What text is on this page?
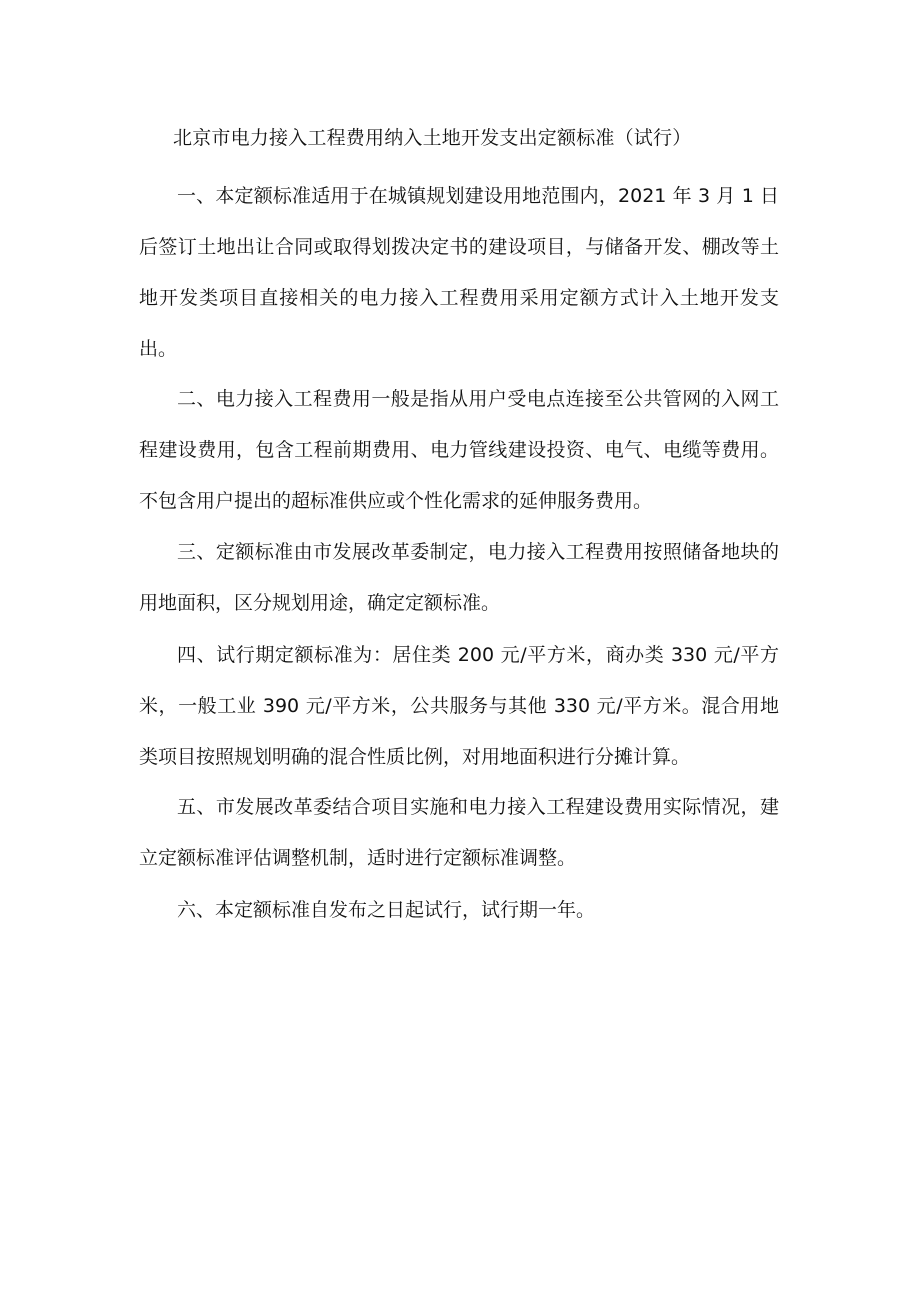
北京市电力接入工程费用纳入土地开发支出定额标准（试行）

一、本定额标准适用于在城镇规划建设用地范围内，2021 年 3 月 1 日后签订土地出让合同或取得划拨决定书的建设项目，与储备开发、棚改等土地开发类项目直接相关的电力接入工程费用采用定额方式计入土地开发支出。

二、电力接入工程费用一般是指从用户受电点连接至公共管网的入网工程建设费用，包含工程前期费用、电力管线建设投资、电气、电缆等费用。不包含用户提出的超标准供应或个性化需求的延伸服务费用。

三、定额标准由市发展改革委制定，电力接入工程费用按照储备地块的用地面积，区分规划用途，确定定额标准。

四、试行期定额标准为：居住类 200 元/平方米，商办类 330 元/平方米，一般工业 390 元/平方米，公共服务与其他 330 元/平方米。混合用地类项目按照规划明确的混合性质比例，对用地面积进行分摊计算。

五、市发展改革委结合项目实施和电力接入工程建设费用实际情况，建立定额标准评估调整机制，适时进行定额标准调整。

六、本定额标准自发布之日起试行，试行期一年。
